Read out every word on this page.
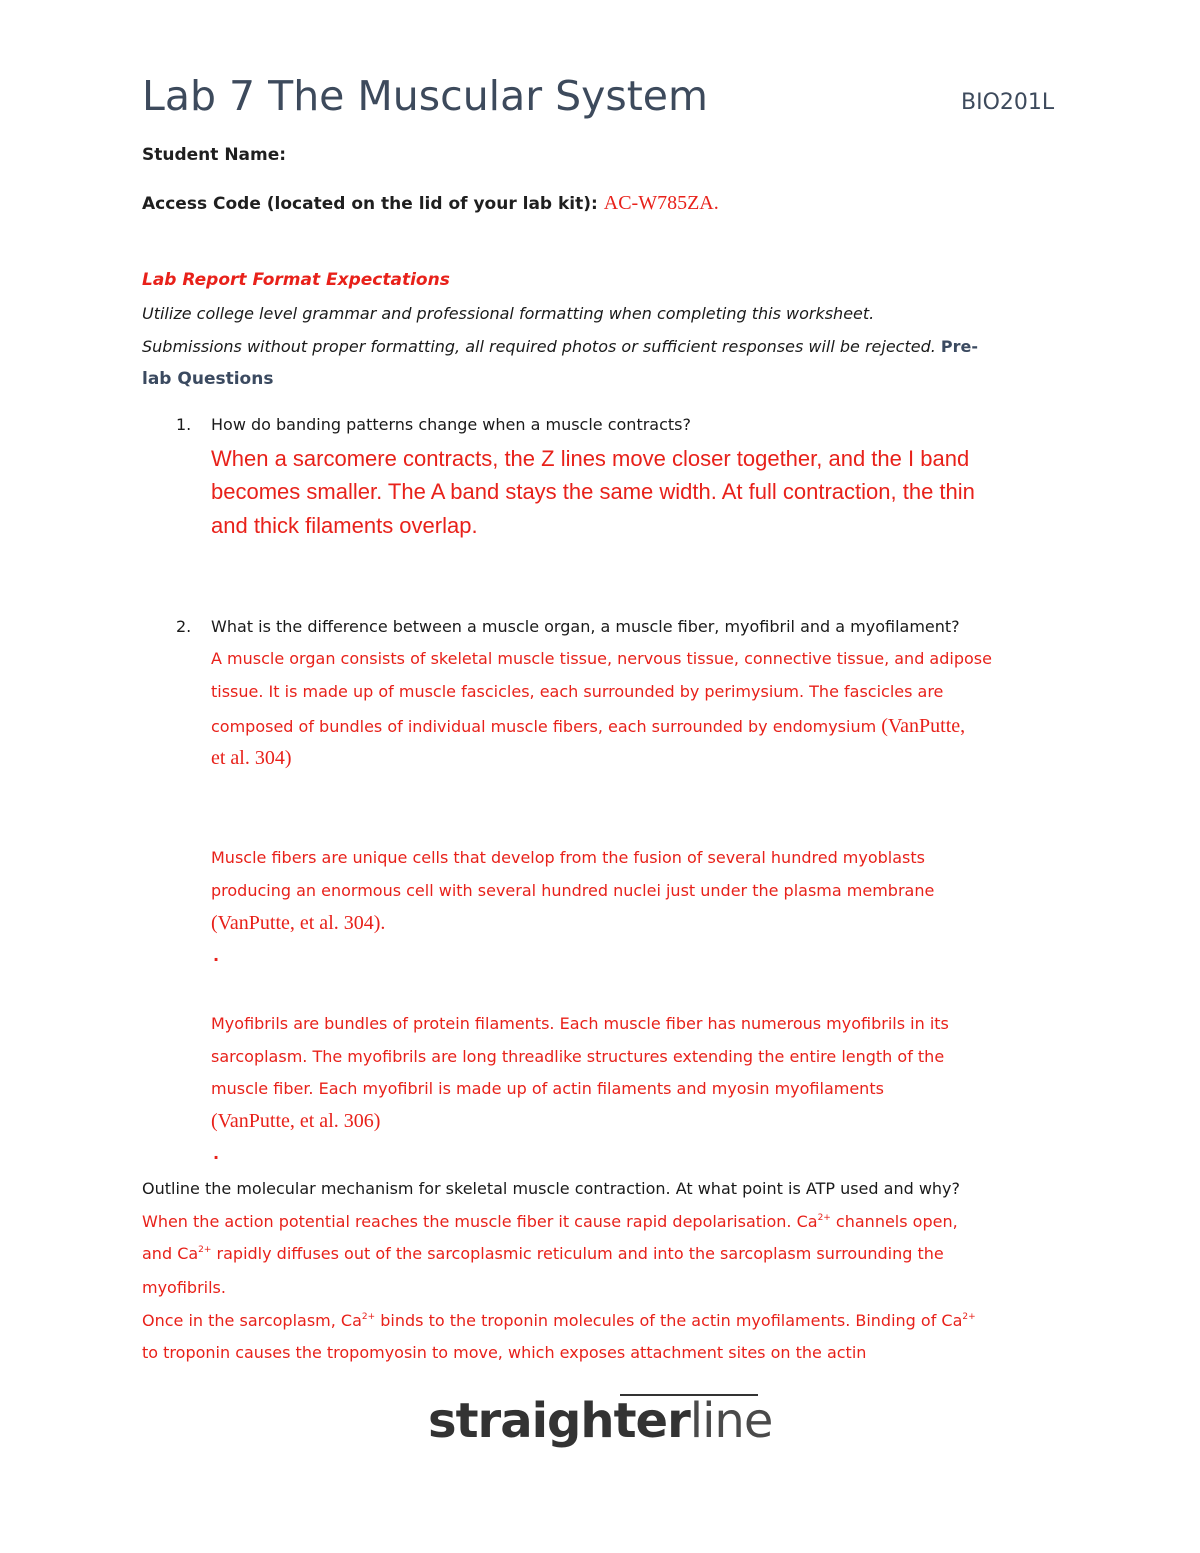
Lab 7 The Muscular System	BIO201L
Student Name:
Access Code (located on the lid of your lab kit): AC-W785ZA.
Lab Report Format Expectations
Utilize college level grammar and professional formatting when completing this worksheet.
Submissions without proper formatting, all required photos or sufficient responses will be rejected. Pre-
lab Questions
1. How do banding patterns change when a muscle contracts?
When a sarcomere contracts, the Z lines move closer together, and the I band
becomes smaller. The A band stays the same width. At full contraction, the thin
and thick filaments overlap.
2. What is the difference between a muscle organ, a muscle fiber, myofibril and a myofilament?
A muscle organ consists of skeletal muscle tissue, nervous tissue, connective tissue, and adipose
tissue. It is made up of muscle fascicles, each surrounded by perimysium. The fascicles are
composed of bundles of individual muscle fibers, each surrounded by endomysium (VanPutte,
et al. 304)
Muscle fibers are unique cells that develop from the fusion of several hundred myoblasts
producing an enormous cell with several hundred nuclei just under the plasma membrane
(VanPutte, et al. 304).
.
Myofibrils are bundles of protein filaments. Each muscle fiber has numerous myofibrils in its
sarcoplasm. The myofibrils are long threadlike structures extending the entire length of the
muscle fiber. Each myofibril is made up of actin filaments and myosin myofilaments
(VanPutte, et al. 306)
.
Outline the molecular mechanism for skeletal muscle contraction. At what point is ATP used and why?
When the action potential reaches the muscle fiber it cause rapid depolarisation. $Ca^{2+}$ channels open,
and $Ca^{2+}$ rapidly diffuses out of the sarcoplasmic reticulum and into the sarcoplasm surrounding the
myofibrils.
Once in the sarcoplasm, $Ca^{2+}$ binds to the troponin molecules of the actin myofilaments. Binding of $Ca^{2+}$
to troponin causes the tropomyosin to move, which exposes attachment sites on the actin
straighterline
